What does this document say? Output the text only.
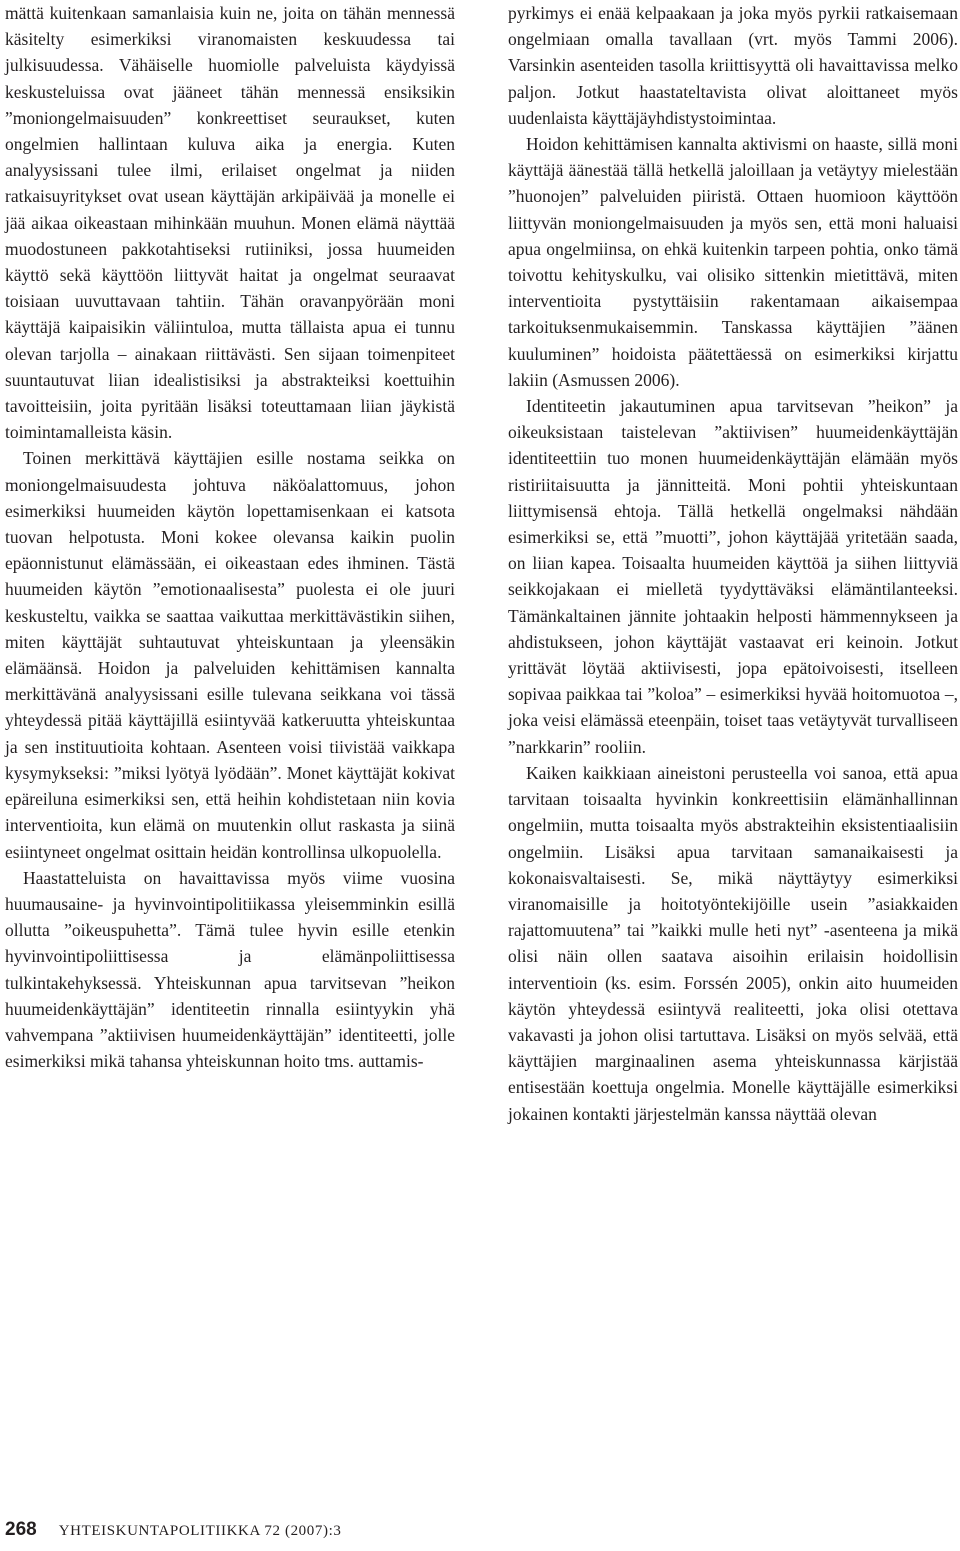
mättä kuitenkaan samanlaisia kuin ne, joita on tähän mennessä käsitelty esimerkiksi viranomaisten keskuudessa tai julkisuudessa. Vähäiselle huomiolle palveluista käydyissä keskusteluissa ovat jääneet tähän mennessä ensiksikin ”moniongelmaisuuden” konkreettiset seuraukset, kuten ongelmien hallintaan kuluva aika ja energia. Kuten analyysissani tulee ilmi, erilaiset ongelmat ja niiden ratkaisuyritykset ovat usean käyttäjän arkipäivää ja monelle ei jää aikaa oikeastaan mihinkään muuhun. Monen elämä näyttää muodostuneen pakkotahtiseksi rutiiniksi, jossa huumeiden käyttö sekä käyttöön liittyvät haitat ja ongelmat seuraavat toisiaan uuvuttavaan tahtiin. Tähän oravanpyörään moni käyttäjä kaipaisikin väliintuloa, mutta tällaista apua ei tunnu olevan tarjolla – ainakaan riittävästi. Sen sijaan toimenpiteet suuntautuvat liian idealistisiksi ja abstrakteiksi koettuihin tavoitteisiin, joita pyritään lisäksi toteuttamaan liian jäykistä toimintamalleista käsin.

Toinen merkittävä käyttäjien esille nostama seikka on moniongelmaisuudesta johtuva näköalattomuus, johon esimerkiksi huumeiden käytön lopettamisenkaan ei katsota tuovan helpotusta. Moni kokee olevansa kaikin puolin epäonnistunut elämässään, ei oikeastaan edes ihminen. Tästä huumeiden käytön ”emotionaalisesta” puolesta ei ole juuri keskusteltu, vaikka se saattaa vaikuttaa merkittävästikin siihen, miten käyttäjät suhtautuvat yhteiskuntaan ja yleensäkin elämäänsä. Hoidon ja palveluiden kehittämisen kannalta merkittävänä analyysissani esille tulevana seikkana voi tässä yhteydessä pitää käyttäjillä esiintyvää katkeruutta yhteiskuntaa ja sen instituutioita kohtaan. Asenteen voisi tiivistää vaikkapa kysymykseksi: ”miksi lyötyä lyödään”. Monet käyttäjät kokivat epäreiluna esimerkiksi sen, että heihin kohdistetaan niin kovia interventioita, kun elämä on muutenkin ollut raskasta ja siinä esiintyneet ongelmat osittain heidän kontrollinsa ulkopuolella.

Haastatteluista on havaittavissa myös viime vuosina huumausaine- ja hyvinvointipolitiikassa yleisemminkin esillä ollutta ”oikeuspuhetta”. Tämä tulee hyvin esille etenkin hyvinvointipoliittisessa ja elämänpoliittisessa tulkintakehyksessä. Yhteiskunnan apua tarvitsevan ”heikon huumeidenkäyttäjän” identiteetin rinnalla esiintyykin yhä vahvempana ”aktiivisen huumeidenkäyttäjän” identiteetti, jolle esimerkiksi mikä tahansa yhteiskunnan hoito tms. auttamis-

pyrkimys ei enää kelpaakaan ja joka myös pyrkii ratkaisemaan ongelmiaan omalla tavallaan (vrt. myös Tammi 2006). Varsinkin asenteiden tasolla kriittisyyttä oli havaittavissa melko paljon. Jotkut haastateltavista olivat aloittaneet myös uudenlaista käyttäjäyhdistystoimintaa.

Hoidon kehittämisen kannalta aktivismi on haaste, sillä moni käyttäjä äänestää tällä hetkellä jaloillaan ja vetäytyy mielestään ”huonojen” palveluiden piiristä. Ottaen huomioon käyttöön liittyvän moniongelmaisuuden ja myös sen, että moni haluaisi apua ongelmiinsa, on ehkä kuitenkin tarpeen pohtia, onko tämä toivottu kehityskulku, vai olisiko sittenkin mietittävä, miten interventioita pystyttäisiin rakentamaan aikaisempaa tarkoituksenmukaisemmin. Tanskassa käyttäjien ”äänen kuuluminen” hoidoista päätettäessä on esimerkiksi kirjattu lakiin (Asmussen 2006).

Identiteetin jakautuminen apua tarvitsevan ”heikon” ja oikeuksistaan taistelevan ”aktiivisen” huumeidenkäyttäjän identiteettiin tuo monen huumeidenkäyttäjän elämään myös ristiriitaisuutta ja jännitteitä. Moni pohtii yhteiskuntaan liittymisensä ehtoja. Tällä hetkellä ongelmaksi nähdään esimerkiksi se, että ”muotti”, johon käyttäjää yritetään saada, on liian kapea. Toisaalta huumeiden käyttöä ja siihen liittyviä seikkojakaan ei mielletä tyydyttäväksi elämäntilanteeksi. Tämänkaltainen jännite johtaakin helposti hämmennykseen ja ahdistukseen, johon käyttäjät vastaavat eri keinoin. Jotkut yrittävät löytää aktiivisesti, jopa epätoivoisesti, itselleen sopivaa paikkaa tai ”koloa” – esimerkiksi hyvää hoitomuotoa –, joka veisi elämässä eteenpäin, toiset taas vetäytyvät turvalliseen ”narkkarin” rooliin.

Kaiken kaikkiaan aineistoni perusteella voi sanoa, että apua tarvitaan toisaalta hyvinkin konkreettisiin elämänhallinnan ongelmiin, mutta toisaalta myös abstrakteihin eksistentiaalisiin ongelmiin. Lisäksi apua tarvitaan samanaikaisesti ja kokonaisvaltaisesti. Se, mikä näyttäytyy esimerkiksi viranomaisille ja hoitotyöntekijöille usein ”asiakkaiden rajattomuutena” tai ”kaikki mulle heti nyt” -asenteena ja mikä olisi näin ollen saatava aisoihin erilaisin hoidollisin interventioin (ks. esim. Forssén 2005), onkin aito huumeiden käytön yhteydessä esiintyvä realiteetti, joka olisi otettava vakavasti ja johon olisi tartuttava. Lisäksi on myös selvää, että käyttäjien marginaalinen asema yhteiskunnassa kärjistää entisestään koettuja ongelmia. Monelle käyttäjälle esimerkiksi jokainen kontakti järjestelmän kanssa näyttää olevan

268 YHTEISKUNTAPOLITIIKKA 72 (2007):3
